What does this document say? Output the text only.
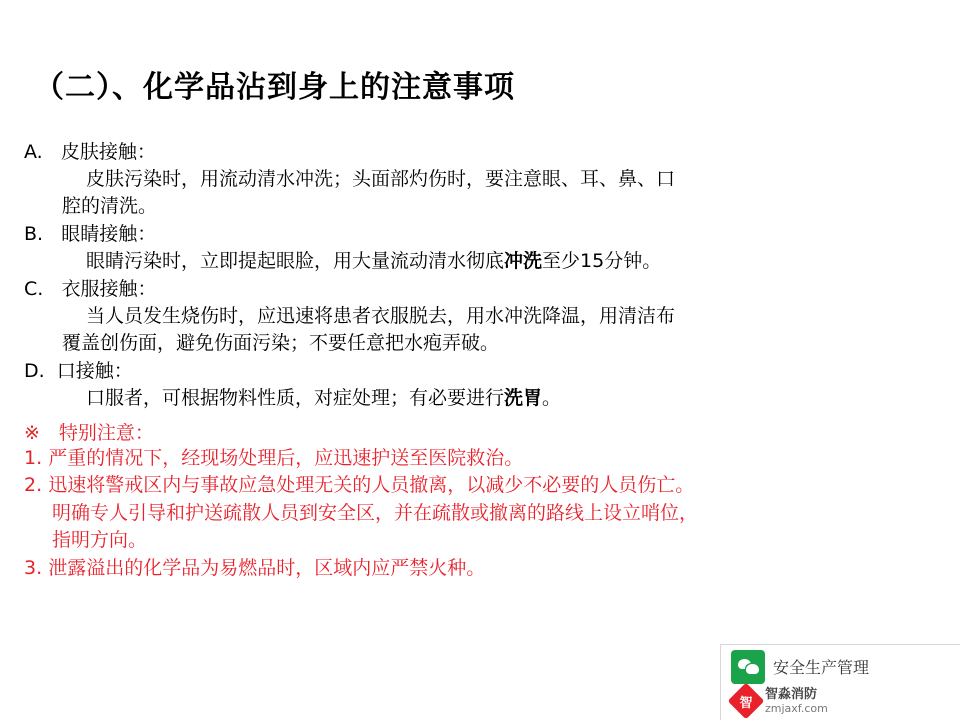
（二）、化学品沾到身上的注意事项
A. 皮肤接触：
皮肤污染时，用流动清水冲洗；头面部灼伤时，要注意眼、耳、鼻、口
腔的清洗。
B. 眼睛接触：
眼睛污染时，立即提起眼脸，用大量流动清水彻底冲洗至少15分钟。
C. 衣服接触：
当人员发生烧伤时，应迅速将患者衣服脱去，用水冲洗降温，用清洁布
覆盖创伤面，避免伤面污染；不要任意把水疱弄破。
D. 口接触：
口服者，可根据物料性质，对症处理；有必要进行洗胃。
※　特别注意：
1. 严重的情况下，经现场处理后，应迅速护送至医院救治。
2. 迅速将警戒区内与事故应急处理无关的人员撤离，以减少不必要的人员伤亡。
明确专人引导和护送疏散人员到安全区，并在疏散或撤离的路线上设立哨位，
指明方向。
3. 泄露溢出的化学品为易燃品时，区域内应严禁火种。
安全生产管理
智
智淼消防
zmjaxf.com
